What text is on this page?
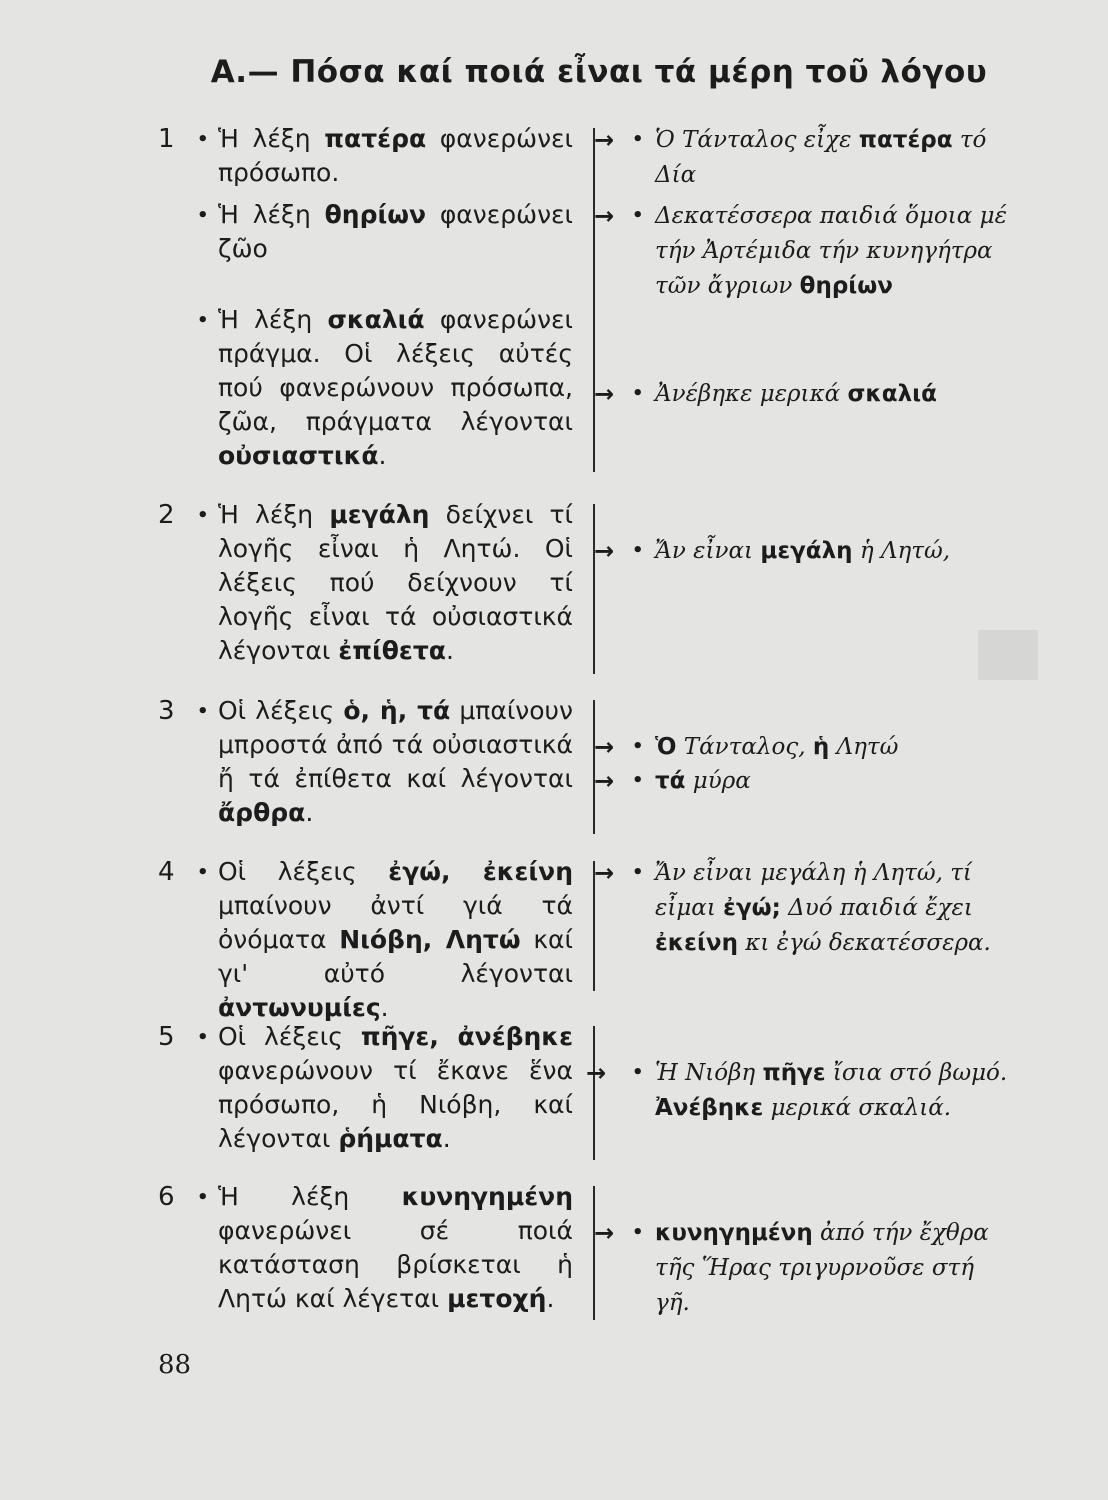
Α.— Πόσα καί ποιά εἶναι τά μέρη τοῦ λόγου
1 • Ἡ λέξη πατέρα φανερώνει πρόσωπο.
→ • Ὁ Τάνταλος εἶχε πατέρα τό Δία
• Ἡ λέξη θηρίων φανερώνει ζῶο
→ • Δεκατέσσερα παιδιά ὅμοια μέ τήν Ἀρτέμιδα τήν κυνηγήτρα τῶν ἄγριων θηρίων
• Ἡ λέξη σκαλιά φανερώνει πράγμα. Οἱ λέξεις αὐτές πού φανερώνουν πρόσωπα, ζῶα, πράγματα λέγονται οὐσιαστικά.
→ • Ἀνέβηκε μερικά σκαλιά
2 • Ἡ λέξη μεγάλη δείχνει τί λογῆς εἶναι ἡ Λητώ. Οἱ λέξεις πού δείχνουν τί λογῆς εἶναι τά οὐσιαστικά λέγονται ἐπίθετα.
→ • Ἄν εἶναι μεγάλη ἡ Λητώ,
3 • Οἱ λέξεις ὁ, ἡ, τά μπαίνουν μπροστά ἀπό τά οὐσιαστικά ἤ τά ἐπίθετα καί λέγονται ἄρθρα.
→ • Ὁ Τάνταλος, ἡ Λητώ
→ • τά μύρα
4 • Οἱ λέξεις ἐγώ, ἐκείνη μπαίνουν ἀντί γιά τά ὀνόματα Νιόβη, Λητώ καί γι' αὐτό λέγονται ἀντωνυμίες.
→ • Ἄν εἶναι μεγάλη ἡ Λητώ, τί εἶμαι ἐγώ; Δυό παιδιά ἔχει ἐκείνη κι ἐγώ δεκατέσσερα.
5 • Οἱ λέξεις πῆγε, ἀνέβηκε φανερώνουν τί ἔκανε ἕνα πρόσωπο, ἡ Νιόβη, καί λέγονται ῥήματα.
→ • Ἡ Νιόβη πῆγε ἴσια στό βωμό. Ἀνέβηκε μερικά σκαλιά.
6 • Ἡ λέξη κυνηγημένη φανερώνει σέ ποιά κατάσταση βρίσκεται ἡ Λητώ καί λέγεται μετοχή.
→ • κυνηγημένη ἀπό τήν ἔχθρα τῆς Ἥρας τριγυρνοῦσε στή γῆ.
88
